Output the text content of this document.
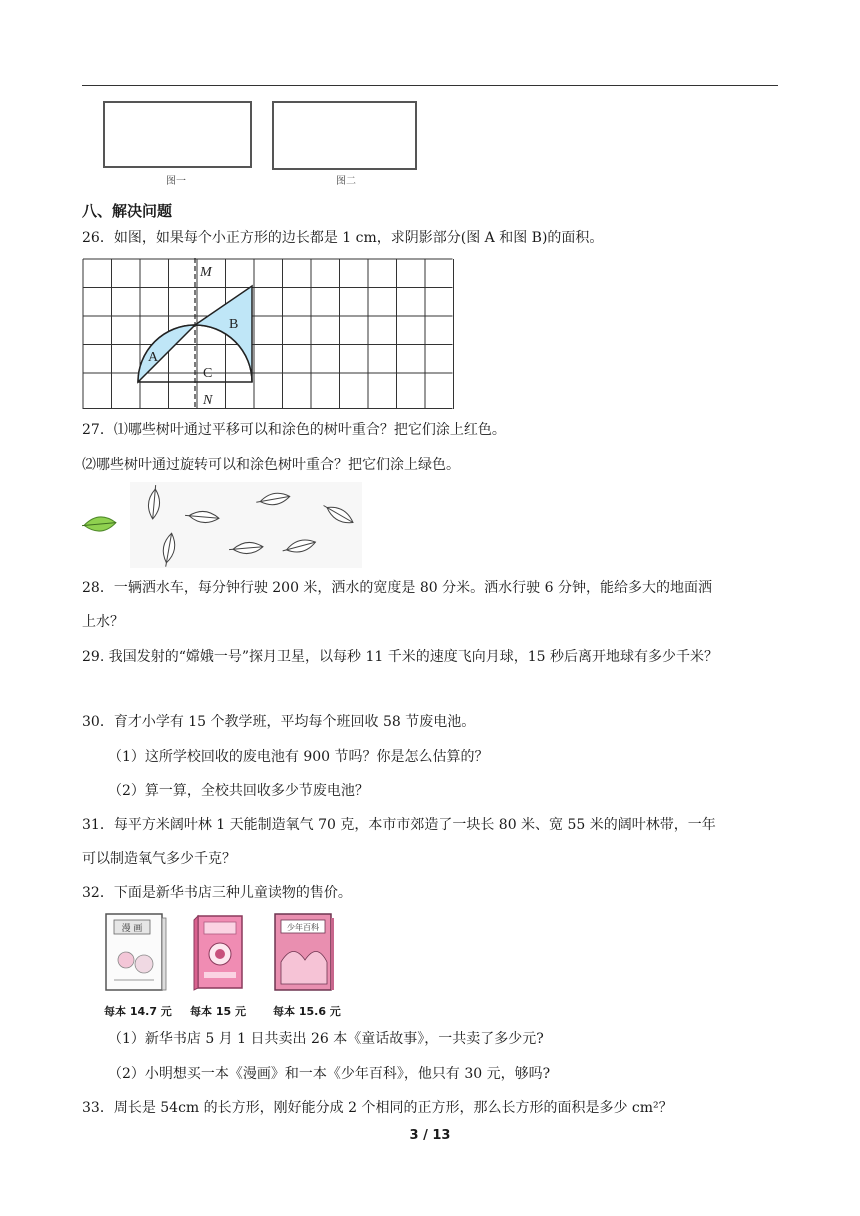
图一	图二
八、解决问题
26．如图，如果每个小正方形的边长都是 1 cm，求阴影部分(图 A 和图 B)的面积。
M
N
A
B
C
27．⑴哪些树叶通过平移可以和涂色的树叶重合？把它们涂上红色。
⑵哪些树叶通过旋转可以和涂色树叶重合？把它们涂上绿色。
28．一辆洒水车，每分钟行驶 200 米，洒水的宽度是 80 分米。洒水行驶 6 分钟，能给多大的地面洒
上水？
29. 我国发射的“嫦娥一号”探月卫星，以每秒 11 千米的速度飞向月球，15 秒后离开地球有多少千米？
30．育才小学有 15 个教学班，平均每个班回收 58 节废电池。
（1）这所学校回收的废电池有 900 节吗？你是怎么估算的？
（2）算一算，全校共回收多少节废电池？
31．每平方米阔叶林 1 天能制造氧气 70 克，本市市郊造了一块长 80 米、宽 55 米的阔叶林带，一年
可以制造氧气多少千克？
32．下面是新华书店三种儿童读物的售价。
漫 画	少年百科
每本 14.7 元 每本 15 元 每本 15.6 元
（1）新华书店 5 月 1 日共卖出 26 本《童话故事》，一共卖了多少元?
（2）小明想买一本《漫画》和一本《少年百科》，他只有 30 元，够吗?
33．周长是 54cm 的长方形，刚好能分成 2 个相同的正方形，那么长方形的面积是多少 cm²？
3 / 13
